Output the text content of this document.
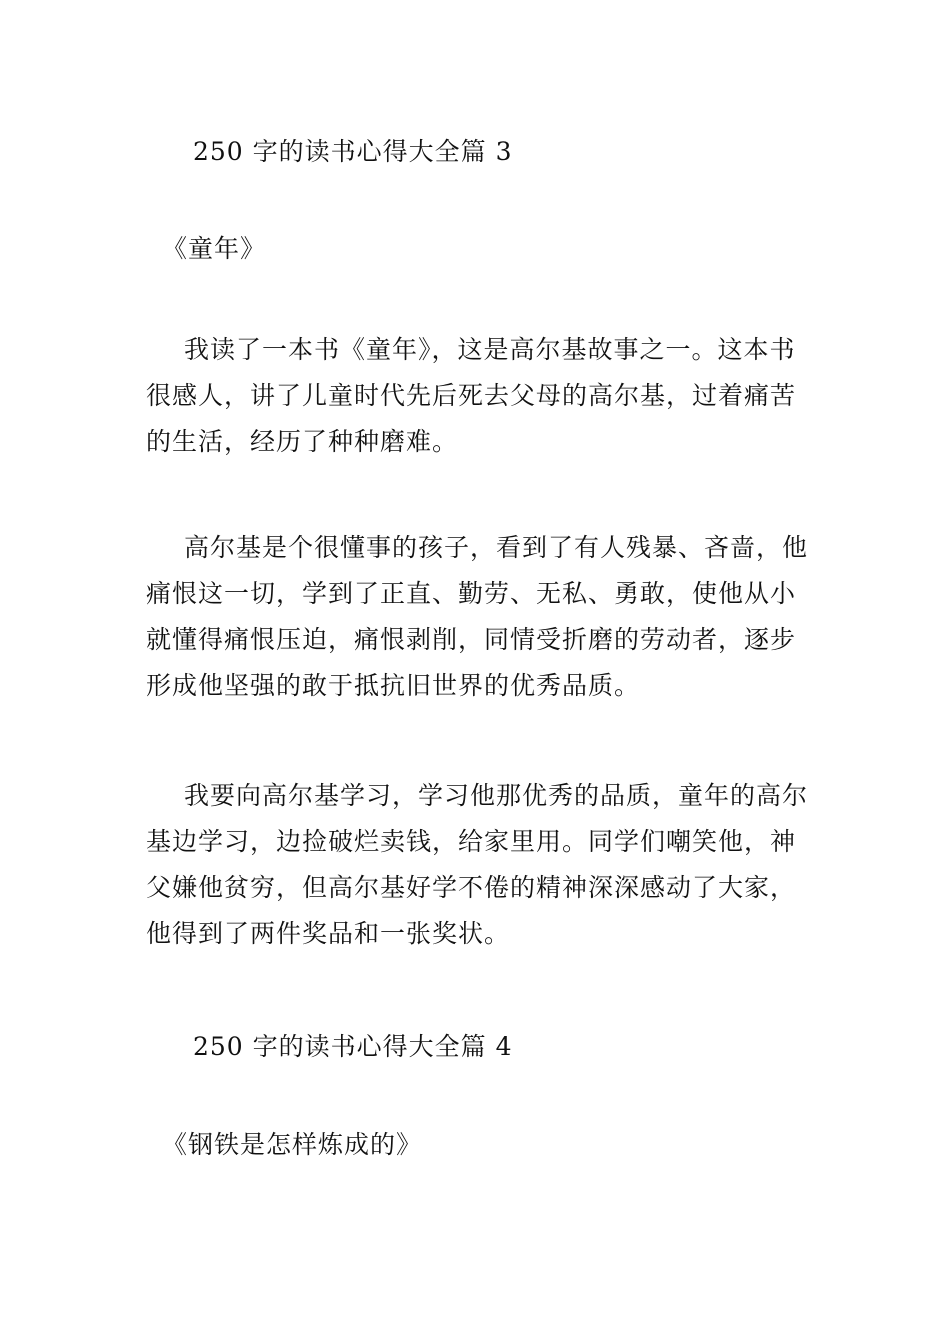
250 字的读书心得大全篇 3
《童年》
我读了一本书《童年》，这是高尔基故事之一。这本书
很感人，讲了儿童时代先后死去父母的高尔基，过着痛苦
的生活，经历了种种磨难。
高尔基是个很懂事的孩子，看到了有人残暴、吝啬，他
痛恨这一切，学到了正直、勤劳、无私、勇敢，使他从小
就懂得痛恨压迫，痛恨剥削，同情受折磨的劳动者，逐步
形成他坚强的敢于抵抗旧世界的优秀品质。
我要向高尔基学习，学习他那优秀的品质，童年的高尔
基边学习，边捡破烂卖钱，给家里用。同学们嘲笑他，神
父嫌他贫穷，但高尔基好学不倦的精神深深感动了大家，
他得到了两件奖品和一张奖状。
250 字的读书心得大全篇 4
《钢铁是怎样炼成的》
